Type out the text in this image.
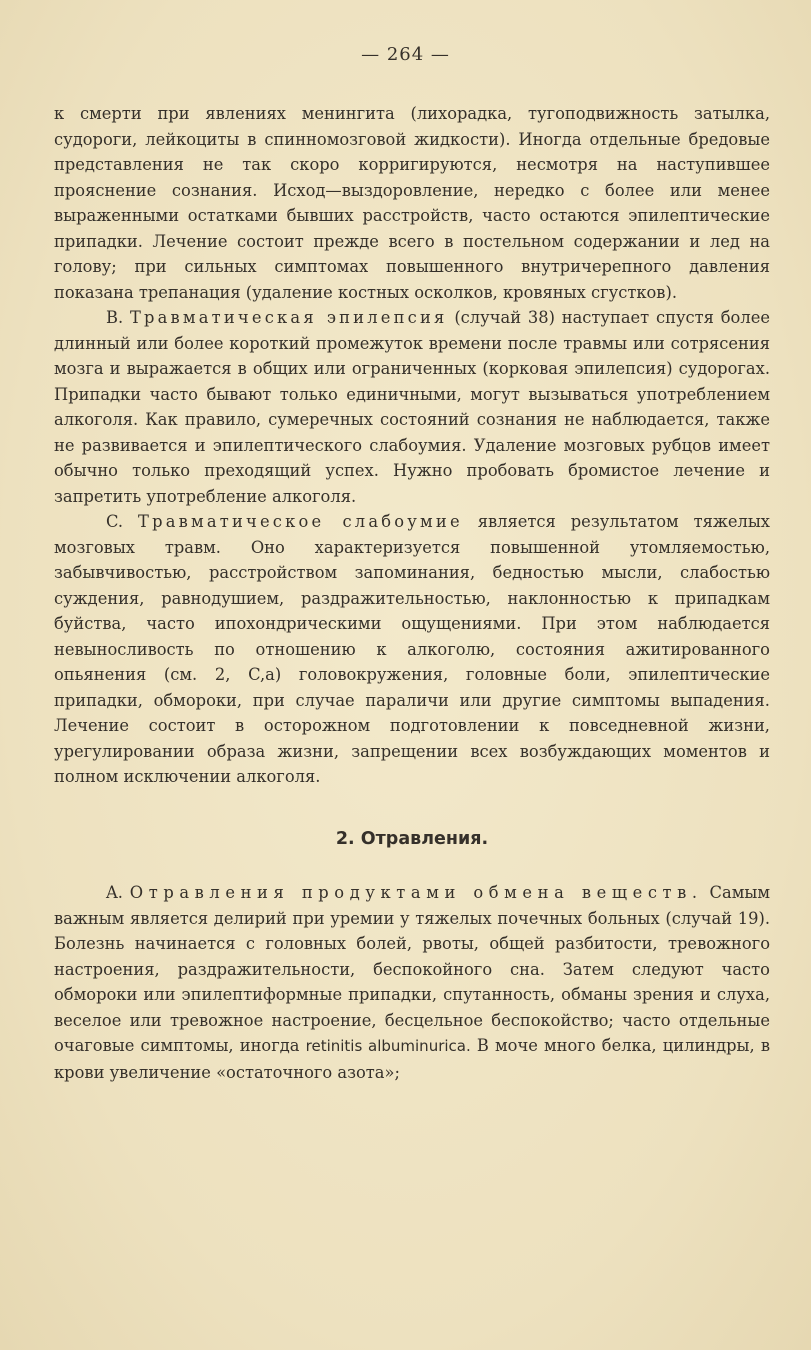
— 264 —

к смерти при явлениях менингита (лихорадка, тугоподвижность затылка, судороги, лейкоциты в спинномозговой жидкости). Иногда отдельные бредовые представления не так скоро корригируются, несмотря на наступившее прояснение сознания. Исход—выздоровление, нередко с более или менее выраженными остатками бывших расстройств, часто остаются эпилептические припадки. Лечение состоит прежде всего в постельном содержании и лед на голову; при сильных симптомах повышенного внутричерепного давления показана трепанация (удаление костных осколков, кровяных сгустков).

B. Травматическая эпилепсия (случай 38) наступает спустя более длинный или более короткий промежуток времени после травмы или сотрясения мозга и выражается в общих или ограниченных (корковая эпилепсия) судорогах. Припадки часто бывают только единичными, могут вызываться употреблением алкоголя. Как правило, сумеречных состояний сознания не наблюдается, также не развивается и эпилептического слабоумия. Удаление мозговых рубцов имеет обычно только преходящий успех. Нужно пробовать бромистое лечение и запретить употребление алкоголя.

C. Травматическое слабоумие является результатом тяжелых мозговых травм. Оно характеризуется повышенной утомляемостью, забывчивостью, расстройством запоминания, бедностью мысли, слабостью суждения, равнодушием, раздражительностью, наклонностью к припадкам буйства, часто ипохондрическими ощущениями. При этом наблюдается невыносливость по отношению к алкоголю, состояния ажитированного опьянения (см. 2, C,a) головокружения, головные боли, эпилептические припадки, обмороки, при случае параличи или другие симптомы выпадения. Лечение состоит в осторожном подготовлении к повседневной жизни, урегулировании образа жизни, запрещении всех возбуждающих моментов и полном исключении алкоголя.

2. Отравления.

A. Отравления продуктами обмена веществ. Самым важным является делирий при уремии у тяжелых почечных больных (случай 19). Болезнь начинается с головных болей, рвоты, общей разбитости, тревожного настроения, раздражительности, беспокойного сна. Затем следуют часто обмороки или эпилептиформные припадки, спутанность, обманы зрения и слуха, веселое или тревожное настроение, бесцельное беспокойство; часто отдельные очаговые симптомы, иногда retinitis albuminurica. В моче много белка, цилиндры, в крови увеличение «остаточного азота»;
